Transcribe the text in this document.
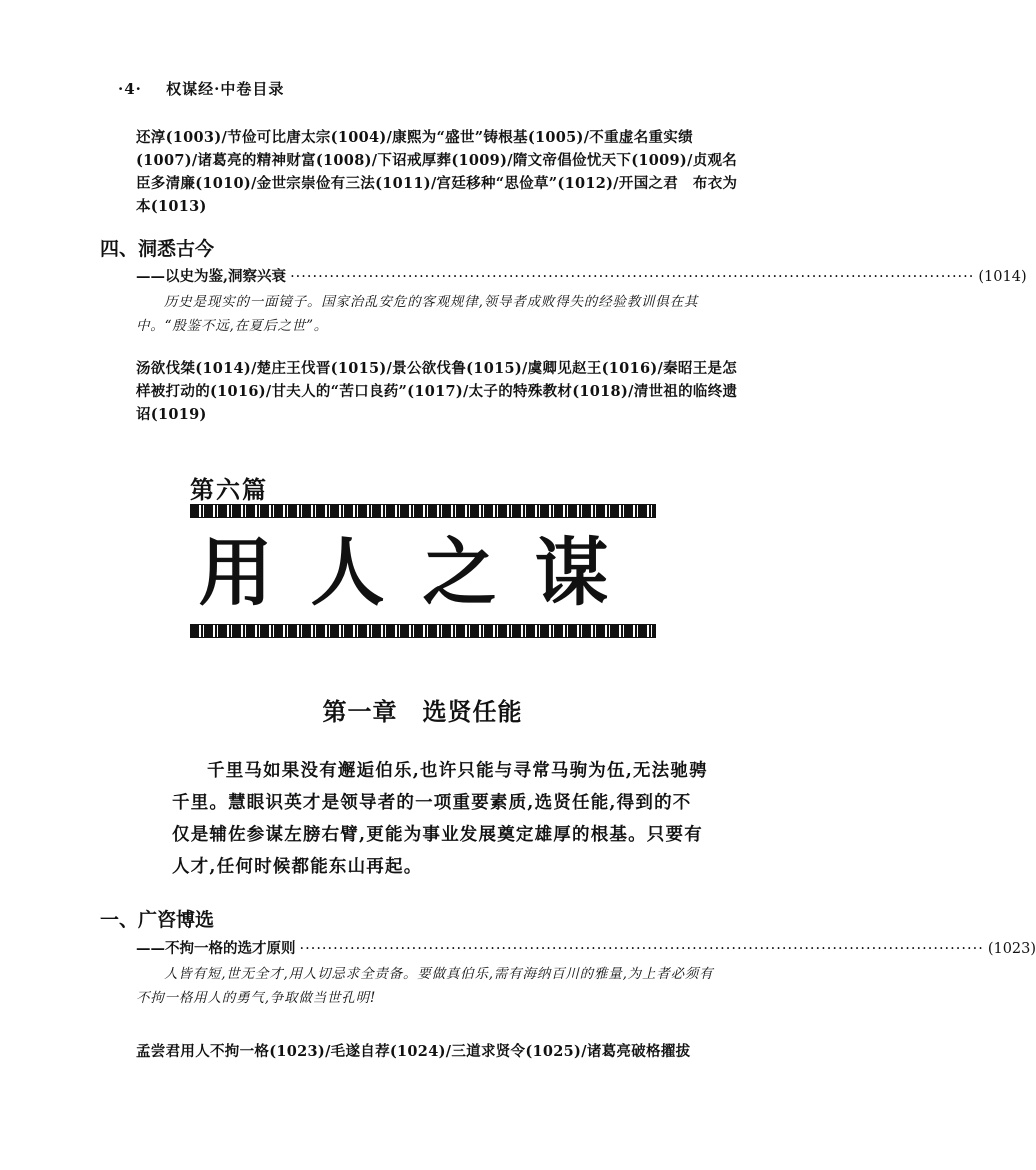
·4· 权谋经·中卷目录
还淳(1003)/节俭可比唐太宗(1004)/康熙为“盛世”铸根基(1005)/不重虚名重实绩(1007)/诸葛亮的精神财富(1008)/下诏戒厚葬(1009)/隋文帝倡俭忧天下(1009)/贞观名臣多清廉(1010)/金世宗崇俭有三法(1011)/宫廷移种“思俭草”(1012)/开国之君　布衣为本(1013)
四、洞悉古今
——以史为鉴,洞察兴衰 ·························································································································· (1014)
历史是现实的一面镜子。国家治乱安危的客观规律,领导者成败得失的经验教训俱在其中。“殷鉴不远,在夏后之世”。
汤欲伐桀(1014)/楚庄王伐晋(1015)/景公欲伐鲁(1015)/虞卿见赵王(1016)/秦昭王是怎样被打动的(1016)/甘夫人的“苦口良药”(1017)/太子的特殊教材(1018)/清世祖的临终遗诏(1019)
第六篇
用人之谋
第一章　选贤任能
千里马如果没有邂逅伯乐,也许只能与寻常马驹为伍,无法驰骋千里。慧眼识英才是领导者的一项重要素质,选贤任能,得到的不仅是辅佐参谋左膀右臂,更能为事业发展奠定雄厚的根基。只要有人才,任何时候都能东山再起。
一、广咨博选
——不拘一格的选才原则 ·························································································································· (1023)
人皆有短,世无全才,用人切忌求全责备。要做真伯乐,需有海纳百川的雅量,为上者必须有不拘一格用人的勇气,争取做当世孔明!
孟尝君用人不拘一格(1023)/毛遂自荐(1024)/三道求贤令(1025)/诸葛亮破格擢拔
